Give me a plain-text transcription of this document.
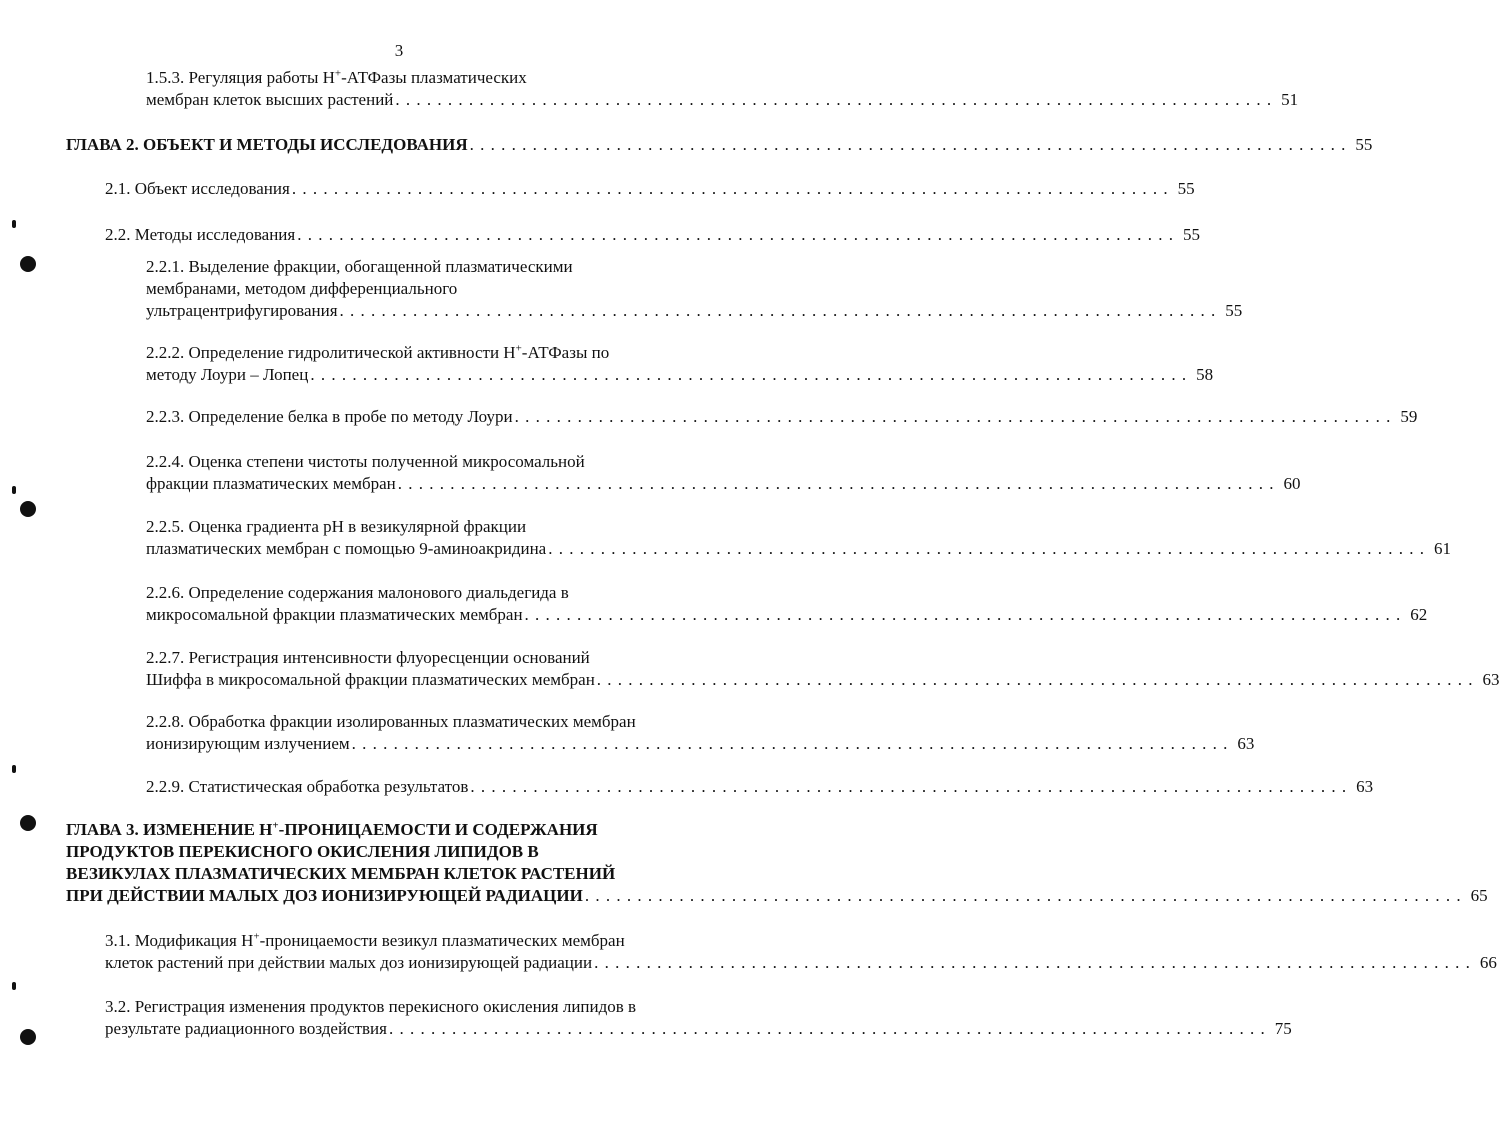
3
1.5.3. Регуляция работы H+-АТФазы плазматических
мембран клеток высших растений . . . . . . . . . . . . . . . . . . . . . . . . . . . . . . . . . . . . . . . . . . . . . . . . . . . . . . . . . . . . . . . . . . . . . . . . . . . . . . . . . . . . 51
ГЛАВА 2. ОБЪЕКТ И МЕТОДЫ ИССЛЕДОВАНИЯ . . . . . . . . . . . . . . . . . . . . . . . . . . . . . . . . . . . . . . . . . . . . . . . . . . . . . . . . . . . . . . . . . . . . . . . . . . . . . . . . . . . . 55
2.1. Объект исследования . . . . . . . . . . . . . . . . . . . . . . . . . . . . . . . . . . . . . . . . . . . . . . . . . . . . . . . . . . . . . . . . . . . . . . . . . . . . . . . . . . . . 55
2.2. Методы исследования . . . . . . . . . . . . . . . . . . . . . . . . . . . . . . . . . . . . . . . . . . . . . . . . . . . . . . . . . . . . . . . . . . . . . . . . . . . . . . . . . . . . 55
2.2.1. Выделение фракции, обогащенной плазматическими
мембранами, методом дифференциального
ультрацентрифугирования . . . . . . . . . . . . . . . . . . . . . . . . . . . . . . . . . . . . . . . . . . . . . . . . . . . . . . . . . . . . . . . . . . . . . . . . . . . . . . . . . . . . 55
2.2.2. Определение гидролитической активности H+-АТФазы по
методу Лоури – Лопец . . . . . . . . . . . . . . . . . . . . . . . . . . . . . . . . . . . . . . . . . . . . . . . . . . . . . . . . . . . . . . . . . . . . . . . . . . . . . . . . . . . . 58
2.2.3. Определение белка в пробе по методу Лоури . . . . . . . . . . . . . . . . . . . . . . . . . . . . . . . . . . . . . . . . . . . . . . . . . . . . . . . . . . . . . . . . . . . . . . . . . . . . . . . . . . . . 59
2.2.4. Оценка степени чистоты полученной микросомальной
фракции плазматических мембран . . . . . . . . . . . . . . . . . . . . . . . . . . . . . . . . . . . . . . . . . . . . . . . . . . . . . . . . . . . . . . . . . . . . . . . . . . . . . . . . . . . . 60
2.2.5. Оценка градиента pH в везикулярной фракции
плазматических мембран с помощью 9-аминоакридина . . . . . . . . . . . . . . . . . . . . . . . . . . . . . . . . . . . . . . . . . . . . . . . . . . . . . . . . . . . . . . . . . . . . . . . . . . . . . . . . . . . . 61
2.2.6. Определение содержания малонового диальдегида в
микросомальной фракции плазматических мембран . . . . . . . . . . . . . . . . . . . . . . . . . . . . . . . . . . . . . . . . . . . . . . . . . . . . . . . . . . . . . . . . . . . . . . . . . . . . . . . . . . . . 62
2.2.7. Регистрация интенсивности флуоресценции оснований
Шиффа в микросомальной фракции плазматических мембран . . . . . . . . . . . . . . . . . . . . . . . . . . . . . . . . . . . . . . . . . . . . . . . . . . . . . . . . . . . . . . . . . . . . . . . . . . . . . . . . . . . . 63
2.2.8. Обработка фракции изолированных плазматических мембран
ионизирующим излучением . . . . . . . . . . . . . . . . . . . . . . . . . . . . . . . . . . . . . . . . . . . . . . . . . . . . . . . . . . . . . . . . . . . . . . . . . . . . . . . . . . . . 63
2.2.9. Статистическая обработка результатов . . . . . . . . . . . . . . . . . . . . . . . . . . . . . . . . . . . . . . . . . . . . . . . . . . . . . . . . . . . . . . . . . . . . . . . . . . . . . . . . . . . . 63
ГЛАВА 3. ИЗМЕНЕНИЕ H+-ПРОНИЦАЕМОСТИ И СОДЕРЖАНИЯ
ПРОДУКТОВ ПЕРЕКИСНОГО ОКИСЛЕНИЯ ЛИПИДОВ В
ВЕЗИКУЛАХ ПЛАЗМАТИЧЕСКИХ МЕМБРАН КЛЕТОК РАСТЕНИЙ
ПРИ ДЕЙСТВИИ МАЛЫХ ДОЗ ИОНИЗИРУЮЩЕЙ РАДИАЦИИ . . . . . . . . . . . . . . . . . . . . . . . . . . . . . . . . . . . . . . . . . . . . . . . . . . . . . . . . . . . . . . . . . . . . . . . . . . . . . . . . . . . . 65
3.1. Модификация H+-проницаемости везикул плазматических мембран
клеток растений при действии малых доз ионизирующей радиации . . . . . . . . . . . . . . . . . . . . . . . . . . . . . . . . . . . . . . . . . . . . . . . . . . . . . . . . . . . . . . . . . . . . . . . . . . . . . . . . . . . . 66
3.2. Регистрация изменения продуктов перекисного окисления липидов в
результате радиационного воздействия . . . . . . . . . . . . . . . . . . . . . . . . . . . . . . . . . . . . . . . . . . . . . . . . . . . . . . . . . . . . . . . . . . . . . . . . . . . . . . . . . . . . 75
